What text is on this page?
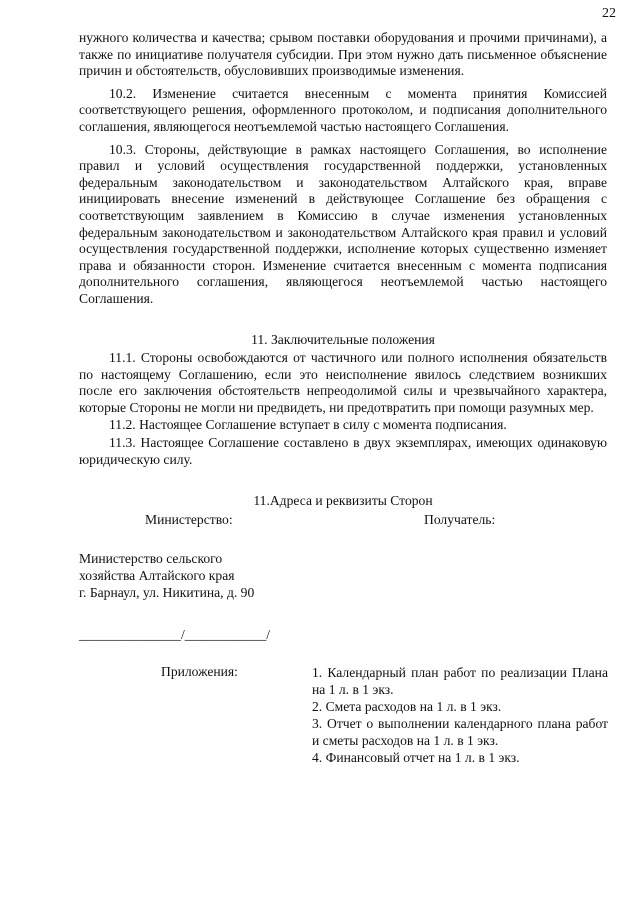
22

нужного количества и качества; срывом поставки оборудования и прочими причинами), а также по инициативе получателя субсидии. При этом нужно дать письменное объяснение причин и обстоятельств, обусловивших производимые изменения.

10.2. Изменение считается внесенным с момента принятия Комиссией соответствующего решения, оформленного протоколом, и подписания дополнительного соглашения, являющегося неотъемлемой частью настоящего Соглашения.

10.3. Стороны, действующие в рамках настоящего Соглашения, во исполнение правил и условий осуществления государственной поддержки, установленных федеральным законодательством и законодательством Алтайского края, вправе инициировать внесение изменений в действующее Соглашение без обращения с соответствующим заявлением в Комиссию в случае изменения установленных федеральным законодательством и законодательством Алтайского края правил и условий осуществления государственной поддержки, исполнение которых существенно изменяет права и обязанности сторон. Изменение считается внесенным с момента подписания дополнительного соглашения, являющегося неотъемлемой частью настоящего Соглашения.

11. Заключительные положения

11.1. Стороны освобождаются от частичного или полного исполнения обязательств по настоящему Соглашению, если это неисполнение явилось следствием возникших после его заключения обстоятельств непреодолимой силы и чрезвычайного характера, которые Стороны не могли ни предвидеть, ни предотвратить при помощи разумных мер.

11.2. Настоящее Соглашение вступает в силу с момента подписания.

11.3. Настоящее Соглашение составлено в двух экземплярах, имеющих одинаковую юридическую силу.

11.Адреса и реквизиты Сторон
Министерство:	Получатель:
Министерство сельского
хозяйства Алтайского края
г. Барнаул, ул. Никитина, д. 90
_______________/____________/
Приложения:	1. Календарный план работ по реализации Плана на 1 л. в 1 экз.
2. Смета расходов на 1 л. в 1 экз.
3. Отчет о выполнении календарного плана работ и сметы расходов на 1 л. в 1 экз.
4. Финансовый отчет на 1 л. в 1 экз.
